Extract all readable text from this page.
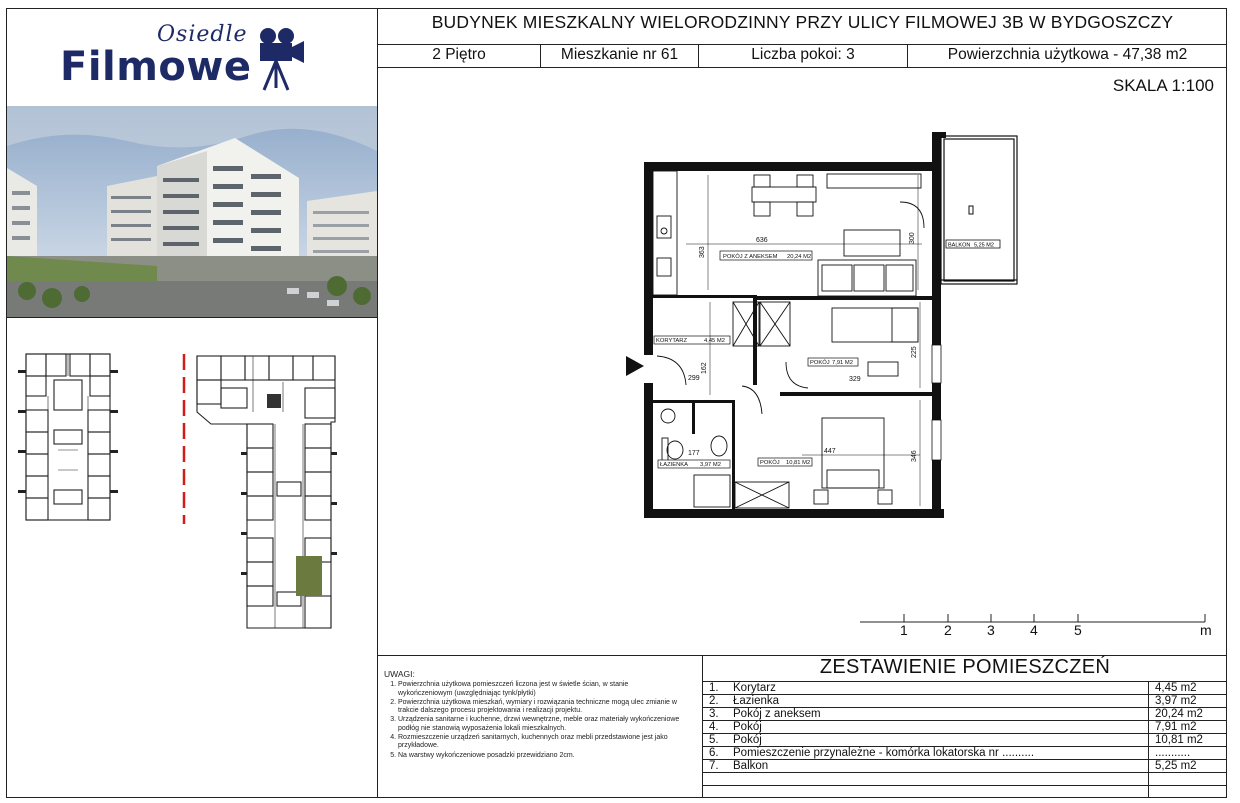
BUDYNEK MIESZKALNY WIELORODZINNY PRZY ULICY FILMOWEJ 3B W BYDGOSZCZY
2 Piętro	Mieszkanie nr 61	Liczba pokoi: 3	Powierzchnia użytkowa - 47,38 m2
SKALA 1:100
Osiedle
Filmowe
BALKON 5,25 M2
POKÓJ Z ANEKSEM 20,24 M2
KORYTARZ	4,45 M2
POKÓJ 7,91 M2
ŁAZIENKA 3,97 M2	POKÓJ 10,81 M2
636
363
300
162
299
225
329
177	447	346
1	2	3	4	5	m
UWAGI:
1. Powierzchnia użytkowa pomieszczeń liczona jest w świetle ścian, w stanie wykończeniowym (uwzględniając tynk/płytki)
2. Powierzchnia użytkowa mieszkań, wymiary i rozwiązania techniczne mogą ulec zmianie w trakcie dalszego procesu projektowania i realizacji projektu.
3. Urządzenia sanitarne i kuchenne, drzwi wewnętrzne, meble oraz materiały wykończeniowe podłóg nie stanowią wyposażenia lokali mieszkalnych.
4. Rozmieszczenie urządzeń sanitarnych, kuchennych oraz mebli przedstawione jest jako przykładowe.
5. Na warstwy wykończeniowe posadzki przewidziano 2cm.
ZESTAWIENIE POMIESZCZEŃ
1. Korytarz	4,45 m2
2. Łazienka	3,97 m2
3. Pokój z aneksem	20,24 m2
4. Pokój	7,91 m2
5. Pokój	10,81 m2
6. Pomieszczenie przynależne - komórka lokatorska nr ..........	...........
7. Balkon	5,25 m2
